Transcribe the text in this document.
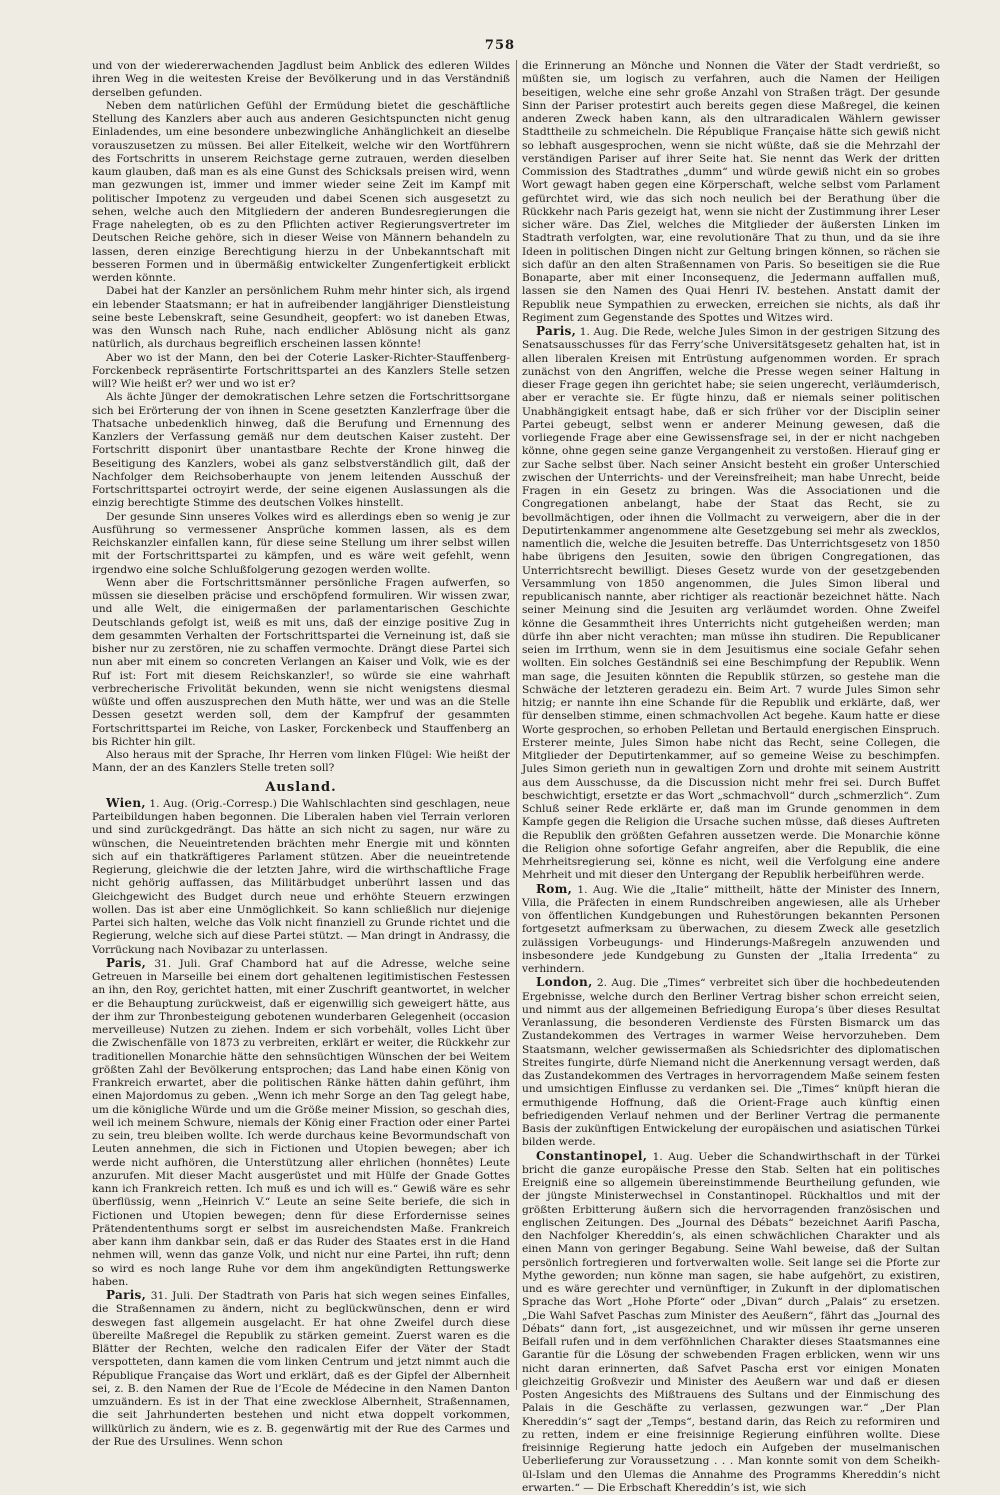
758

und von der wiedererwachenden Jagdlust beim Anblick des edleren Wildes ihren Weg in die weitesten Kreise der Bevölkerung und in das Verständniß derselben gefunden.

Neben dem natürlichen Gefühl der Ermüdung bietet die geschäftliche Stellung des Kanzlers aber auch aus anderen Gesichtspuncten nicht genug Einladendes, um eine besondere unbezwingliche Anhänglichkeit an dieselbe vorauszusetzen zu müssen. Bei aller Eitelkeit, welche wir den Wortführern des Fortschritts in unserem Reichstage gerne zutrauen, werden dieselben kaum glauben, daß man es als eine Gunst des Schicksals preisen wird, wenn man gezwungen ist, immer und immer wieder seine Zeit im Kampf mit politischer Impotenz zu vergeuden und dabei Scenen sich ausgesetzt zu sehen, welche auch den Mitgliedern der anderen Bundesregierungen die Frage nahelegten, ob es zu den Pflichten activer Regierungsvertreter im Deutschen Reiche gehöre, sich in dieser Weise von Männern behandeln zu lassen, deren einzige Berechtigung hierzu in der Unbekanntschaft mit besseren Formen und in übermäßig entwickelter Zungenfertigkeit erblickt werden könnte.

Dabei hat der Kanzler an persönlichem Ruhm mehr hinter sich, als irgend ein lebender Staatsmann; er hat in aufreibender langjähriger Dienstleistung seine beste Lebenskraft, seine Gesundheit, geopfert: wo ist daneben Etwas, was den Wunsch nach Ruhe, nach endlicher Ablösung nicht als ganz natürlich, als durchaus begreiflich erscheinen lassen könnte!

Aber wo ist der Mann, den bei der Coterie Lasker-Richter-Stauffenberg-Forckenbeck repräsentirte Fortschrittspartei an des Kanzlers Stelle setzen will? Wie heißt er? wer und wo ist er?

Als ächte Jünger der demokratischen Lehre setzen die Fortschrittsorgane sich bei Erörterung der von ihnen in Scene gesetzten Kanzlerfrage über die Thatsache unbedenklich hinweg, daß die Berufung und Ernennung des Kanzlers der Verfassung gemäß nur dem deutschen Kaiser zusteht. Der Fortschritt disponirt über unantastbare Rechte der Krone hinweg die Beseitigung des Kanzlers, wobei als ganz selbstverständlich gilt, daß der Nachfolger dem Reichsoberhaupte von jenem leitenden Ausschuß der Fortschrittspartei octroyirt werde, der seine eigenen Auslassungen als die einzig berechtigte Stimme des deutschen Volkes hinstellt.

Der gesunde Sinn unseres Volkes wird es allerdings eben so wenig je zur Ausführung so vermessener Ansprüche kommen lassen, als es dem Reichskanzler einfallen kann, für diese seine Stellung um ihrer selbst willen mit der Fortschrittspartei zu kämpfen, und es wäre weit gefehlt, wenn irgendwo eine solche Schlußfolgerung gezogen werden wollte.

Wenn aber die Fortschrittsmänner persönliche Fragen aufwerfen, so müssen sie dieselben präcise und erschöpfend formuliren. Wir wissen zwar, und alle Welt, die einigermaßen der parlamentarischen Geschichte Deutschlands gefolgt ist, weiß es mit uns, daß der einzige positive Zug in dem gesammten Verhalten der Fortschrittspartei die Verneinung ist, daß sie bisher nur zu zerstören, nie zu schaffen vermochte. Drängt diese Partei sich nun aber mit einem so concreten Verlangen an Kaiser und Volk, wie es der Ruf ist: Fort mit diesem Reichskanzler!, so würde sie eine wahrhaft verbrecherische Frivolität bekunden, wenn sie nicht wenigstens diesmal wüßte und offen auszusprechen den Muth hätte, wer und was an die Stelle Dessen gesetzt werden soll, dem der Kampfruf der gesammten Fortschrittspartei im Reiche, von Lasker, Forckenbeck und Stauffenberg an bis Richter hin gilt.

Also heraus mit der Sprache, Ihr Herren vom linken Flügel: Wie heißt der Mann, der an des Kanzlers Stelle treten soll?

Ausland.

Wien, 1. Aug. (Orig.-Corresp.) Die Wahlschlachten sind geschlagen, neue Parteibildungen haben begonnen. Die Liberalen haben viel Terrain verloren und sind zurückgedrängt. Das hätte an sich nicht zu sagen, nur wäre zu wünschen, die Neueintretenden brächten mehr Energie mit und könnten sich auf ein thatkräftigeres Parlament stützen. Aber die neueintretende Regierung, gleichwie die der letzten Jahre, wird die wirthschaftliche Frage nicht gehörig auffassen, das Militärbudget unberührt lassen und das Gleichgewicht des Budget durch neue und erhöhte Steuern erzwingen wollen. Das ist aber eine Unmöglichkeit. So kann schließlich nur diejenige Partei sich halten, welche das Volk nicht finanziell zu Grunde richtet und die Regierung, welche sich auf diese Partei stützt. — Man dringt in Andrassy, die Vorrückung nach Novibazar zu unterlassen.

Paris, 31. Juli. Graf Chambord hat auf die Adresse, welche seine Getreuen in Marseille bei einem dort gehaltenen legitimistischen Festessen an ihn, den Roy, gerichtet hatten, mit einer Zuschrift geantwortet, in welcher er die Behauptung zurückweist, daß er eigenwillig sich geweigert hätte, aus der ihm zur Thronbesteigung gebotenen wunderbaren Gelegenheit (occasion merveilleuse) Nutzen zu ziehen. Indem er sich vorbehält, volles Licht über die Zwischenfälle von 1873 zu verbreiten, erklärt er weiter, die Rückkehr zur traditionellen Monarchie hätte den sehnsüchtigen Wünschen der bei Weitem größten Zahl der Bevölkerung entsprochen; das Land habe einen König von Frankreich erwartet, aber die politischen Ränke hätten dahin geführt, ihm einen Majordomus zu geben. „Wenn ich mehr Sorge an den Tag gelegt habe, um die königliche Würde und um die Größe meiner Mission, so geschah dies, weil ich meinem Schwure, niemals der König einer Fraction oder einer Partei zu sein, treu bleiben wollte. Ich werde durchaus keine Bevormundschaft von Leuten annehmen, die sich in Fictionen und Utopien bewegen; aber ich werde nicht aufhören, die Unterstützung aller ehrlichen (honnêtes) Leute anzurufen. Mit dieser Macht ausgerüstet und mit Hülfe der Gnade Gottes kann ich Frankreich retten. Ich muß es und ich will es.“ Gewiß wäre es sehr überflüssig, wenn „Heinrich V.“ Leute an seine Seite beriefe, die sich in Fictionen und Utopien bewegen; denn für diese Erfordernisse seines Prätendententhums sorgt er selbst im ausreichendsten Maße. Frankreich aber kann ihm dankbar sein, daß er das Ruder des Staates erst in die Hand nehmen will, wenn das ganze Volk, und nicht nur eine Partei, ihn ruft; denn so wird es noch lange Ruhe vor dem ihm angekündigten Rettungswerke haben.

Paris, 31. Juli. Der Stadtrath von Paris hat sich wegen seines Einfalles, die Straßennamen zu ändern, nicht zu beglückwünschen, denn er wird deswegen fast allgemein ausgelacht. Er hat ohne Zweifel durch diese übereilte Maßregel die Republik zu stärken gemeint. Zuerst waren es die Blätter der Rechten, welche den radicalen Eifer der Väter der Stadt verspotteten, dann kamen die vom linken Centrum und jetzt nimmt auch die République Française das Wort und erklärt, daß es der Gipfel der Albernheit sei, z. B. den Namen der Rue de l’Ecole de Médecine in den Namen Danton umzuändern. Es ist in der That eine zwecklose Albernheit, Straßennamen, die seit Jahrhunderten bestehen und nicht etwa doppelt vorkommen, willkürlich zu ändern, wie es z. B. gegenwärtig mit der Rue des Carmes und der Rue des Ursulines. Wenn schon

die Erinnerung an Mönche und Nonnen die Väter der Stadt verdrießt, so müßten sie, um logisch zu verfahren, auch die Namen der Heiligen beseitigen, welche eine sehr große Anzahl von Straßen trägt. Der gesunde Sinn der Pariser protestirt auch bereits gegen diese Maßregel, die keinen anderen Zweck haben kann, als den ultraradicalen Wählern gewisser Stadttheile zu schmeicheln. Die République Française hätte sich gewiß nicht so lebhaft ausgesprochen, wenn sie nicht wüßte, daß sie die Mehrzahl der verständigen Pariser auf ihrer Seite hat. Sie nennt das Werk der dritten Commission des Stadtrathes „dumm“ und würde gewiß nicht ein so grobes Wort gewagt haben gegen eine Körperschaft, welche selbst vom Parlament gefürchtet wird, wie das sich noch neulich bei der Berathung über die Rückkehr nach Paris gezeigt hat, wenn sie nicht der Zustimmung ihrer Leser sicher wäre. Das Ziel, welches die Mitglieder der äußersten Linken im Stadtrath verfolgten, war, eine revolutionäre That zu thun, und da sie ihre Ideen in politischen Dingen nicht zur Geltung bringen können, so rächen sie sich dafür an den alten Straßennamen von Paris. So beseitigen sie die Rue Bonaparte, aber mit einer Inconsequenz, die Jedermann auffallen muß, lassen sie den Namen des Quai Henri IV. bestehen. Anstatt damit der Republik neue Sympathien zu erwecken, erreichen sie nichts, als daß ihr Regiment zum Gegenstande des Spottes und Witzes wird.

Paris, 1. Aug. Die Rede, welche Jules Simon in der gestrigen Sitzung des Senatsausschusses für das Ferry’sche Universitätsgesetz gehalten hat, ist in allen liberalen Kreisen mit Entrüstung aufgenommen worden. Er sprach zunächst von den Angriffen, welche die Presse wegen seiner Haltung in dieser Frage gegen ihn gerichtet habe; sie seien ungerecht, verläumderisch, aber er verachte sie. Er fügte hinzu, daß er niemals seiner politischen Unabhängigkeit entsagt habe, daß er sich früher vor der Disciplin seiner Partei gebeugt, selbst wenn er anderer Meinung gewesen, daß die vorliegende Frage aber eine Gewissensfrage sei, in der er nicht nachgeben könne, ohne gegen seine ganze Vergangenheit zu verstoßen. Hierauf ging er zur Sache selbst über. Nach seiner Ansicht besteht ein großer Unterschied zwischen der Unterrichts- und der Vereinsfreiheit; man habe Unrecht, beide Fragen in ein Gesetz zu bringen. Was die Associationen und die Congregationen anbelangt, habe der Staat das Recht, sie zu bevollmächtigen, oder ihnen die Vollmacht zu verweigern, aber die in der Deputirtenkammer angenommene alte Gesetzgebung sei mehr als zwecklos, namentlich die, welche die Jesuiten betreffe. Das Unterrichtsgesetz von 1850 habe übrigens den Jesuiten, sowie den übrigen Congregationen, das Unterrichtsrecht bewilligt. Dieses Gesetz wurde von der gesetzgebenden Versammlung von 1850 angenommen, die Jules Simon liberal und republicanisch nannte, aber richtiger als reactionär bezeichnet hätte. Nach seiner Meinung sind die Jesuiten arg verläumdet worden. Ohne Zweifel könne die Gesammtheit ihres Unterrichts nicht gutgeheißen werden; man dürfe ihn aber nicht verachten; man müsse ihn studiren. Die Republicaner seien im Irrthum, wenn sie in dem Jesuitismus eine sociale Gefahr sehen wollten. Ein solches Geständniß sei eine Beschimpfung der Republik. Wenn man sage, die Jesuiten könnten die Republik stürzen, so gestehe man die Schwäche der letzteren geradezu ein. Beim Art. 7 wurde Jules Simon sehr hitzig; er nannte ihn eine Schande für die Republik und erklärte, daß, wer für denselben stimme, einen schmachvollen Act begehe. Kaum hatte er diese Worte gesprochen, so erhoben Pelletan und Bertauld energischen Einspruch. Ersterer meinte, Jules Simon habe nicht das Recht, seine Collegen, die Mitglieder der Deputirtenkammer, auf so gemeine Weise zu beschimpfen. Jules Simon gerieth nun in gewaltigen Zorn und drohte mit seinem Austritt aus dem Ausschusse, da die Discussion nicht mehr frei sei. Durch Buffet beschwichtigt, ersetzte er das Wort „schmachvoll“ durch „schmerzlich“. Zum Schluß seiner Rede erklärte er, daß man im Grunde genommen in dem Kampfe gegen die Religion die Ursache suchen müsse, daß dieses Auftreten die Republik den größten Gefahren aussetzen werde. Die Monarchie könne die Religion ohne sofortige Gefahr angreifen, aber die Republik, die eine Mehrheitsregierung sei, könne es nicht, weil die Verfolgung eine andere Mehrheit und mit dieser den Untergang der Republik herbeiführen werde.

Rom, 1. Aug. Wie die „Italie“ mittheilt, hätte der Minister des Innern, Villa, die Präfecten in einem Rundschreiben angewiesen, alle als Urheber von öffentlichen Kundgebungen und Ruhestörungen bekannten Personen fortgesetzt aufmerksam zu überwachen, zu diesem Zweck alle gesetzlich zulässigen Vorbeugungs- und Hinderungs-Maßregeln anzuwenden und insbesondere jede Kundgebung zu Gunsten der „Italia Irredenta“ zu verhindern.

London, 2. Aug. Die „Times“ verbreitet sich über die hochbedeutenden Ergebnisse, welche durch den Berliner Vertrag bisher schon erreicht seien, und nimmt aus der allgemeinen Befriedigung Europa’s über dieses Resultat Veranlassung, die besonderen Verdienste des Fürsten Bismarck um das Zustandekommen des Vertrages in warmer Weise hervorzuheben. Dem Staatsmann, welcher gewissermaßen als Schiedsrichter des diplomatischen Streites fungirte, dürfe Niemand nicht die Anerkennung versagt werden, daß das Zustandekommen des Vertrages in hervorragendem Maße seinem festen und umsichtigen Einflusse zu verdanken sei. Die „Times“ knüpft hieran die ermuthigende Hoffnung, daß die Orient-Frage auch künftig einen befriedigenden Verlauf nehmen und der Berliner Vertrag die permanente Basis der zukünftigen Entwickelung der europäischen und asiatischen Türkei bilden werde.

Constantinopel, 1. Aug. Ueber die Schandwirthschaft in der Türkei bricht die ganze europäische Presse den Stab. Selten hat ein politisches Ereigniß eine so allgemein übereinstimmende Beurtheilung gefunden, wie der jüngste Ministerwechsel in Constantinopel. Rückhaltlos und mit der größten Erbitterung äußern sich die hervorragenden französischen und englischen Zeitungen. Des „Journal des Débats“ bezeichnet Aarifi Pascha, den Nachfolger Khereddin’s, als einen schwächlichen Charakter und als einen Mann von geringer Begabung. Seine Wahl beweise, daß der Sultan persönlich fortregieren und fortverwalten wolle. Seit lange sei die Pforte zur Mythe geworden; nun könne man sagen, sie habe aufgehört, zu existiren, und es wäre gerechter und vernünftiger, in Zukunft in der diplomatischen Sprache das Wort „Hohe Pforte“ oder „Divan“ durch „Palais“ zu ersetzen. „Die Wahl Safvet Paschas zum Minister des Aeußern“, fährt das „Journal des Débats“ dann fort, „ist ausgezeichnet, und wir müssen ihr gerne unseren Beifall rufen und in dem verföhnlichen Charakter dieses Staatsmannes eine Garantie für die Lösung der schwebenden Fragen erblicken, wenn wir uns nicht daran erinnerten, daß Safvet Pascha erst vor einigen Monaten gleichzeitig Großvezir und Minister des Aeußern war und daß er diesen Posten Angesichts des Mißtrauens des Sultans und der Einmischung des Palais in die Geschäfte zu verlassen, gezwungen war.“ „Der Plan Khereddin’s“ sagt der „Temps“, bestand darin, das Reich zu reformiren und zu retten, indem er eine freisinnige Regierung einführen wollte. Diese freisinnige Regierung hatte jedoch ein Aufgeben der muselmanischen Ueberlieferung zur Voraussetzung . . . Man konnte somit von dem Scheikh-ül-Islam und den Ulemas die Annahme des Programms Khereddin’s nicht erwarten.“ — Die Erbschaft Khereddin’s ist, wie sich
